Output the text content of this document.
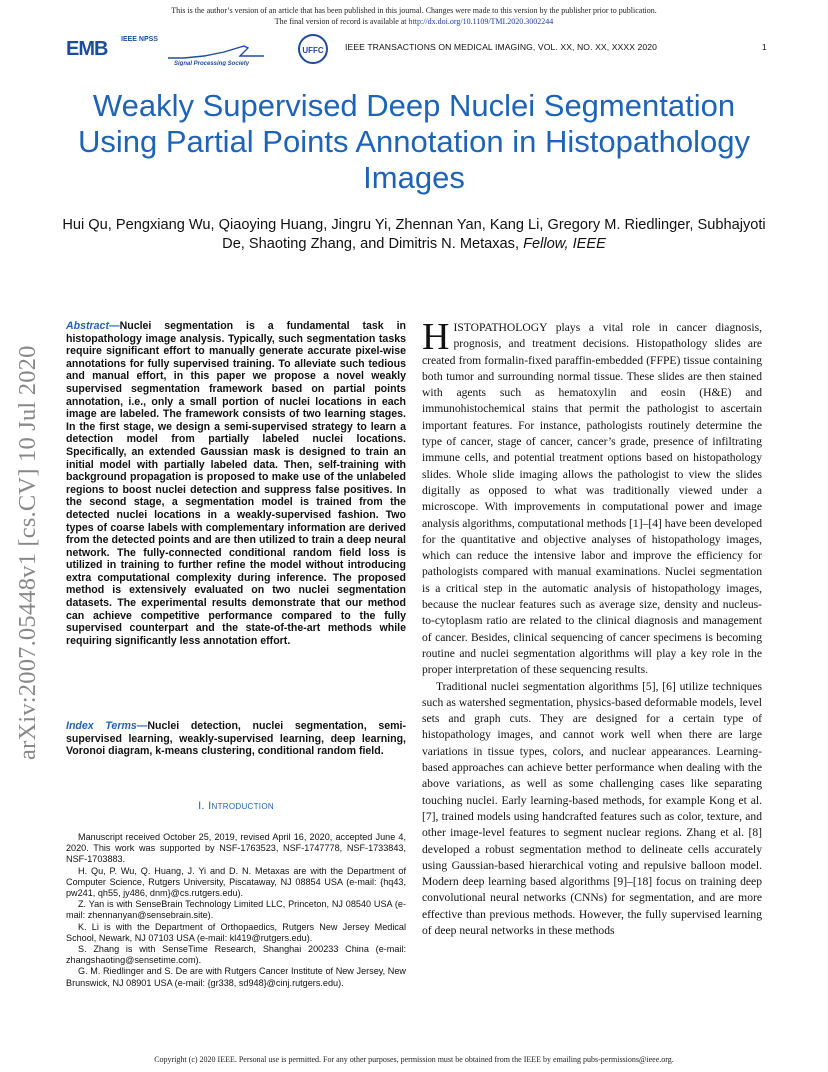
This is the author’s version of an article that has been published in this journal. Changes were made to this version by the publisher prior to publication.
The final version of record is available at http://dx.doi.org/10.1109/TMI.2020.3002244
EMB IEEE NPSS
Signal Processing Society
UFFC	IEEE TRANSACTIONS ON MEDICAL IMAGING, VOL. XX, NO. XX, XXXX 2020	1
Weakly Supervised Deep Nuclei Segmentation Using Partial Points Annotation in Histopathology Images
Hui Qu, Pengxiang Wu, Qiaoying Huang, Jingru Yi, Zhennan Yan, Kang Li, Gregory M. Riedlinger, Subhajyoti De, Shaoting Zhang, and Dimitris N. Metaxas, Fellow, IEEE
arXiv:2007.05448v1 [cs.CV] 10 Jul 2020
Abstract—Nuclei segmentation is a fundamental task in histopathology image analysis. Typically, such segmentation tasks require significant effort to manually generate accurate pixel-wise annotations for fully supervised training. To alleviate such tedious and manual effort, in this paper we propose a novel weakly supervised segmentation framework based on partial points annotation, i.e., only a small portion of nuclei locations in each image are labeled. The framework consists of two learning stages. In the first stage, we design a semi-supervised strategy to learn a detection model from partially labeled nuclei locations. Specifically, an extended Gaussian mask is designed to train an initial model with partially labeled data. Then, self-training with background propagation is proposed to make use of the unlabeled regions to boost nuclei detection and suppress false positives. In the second stage, a segmentation model is trained from the detected nuclei locations in a weakly-supervised fashion. Two types of coarse labels with complementary information are derived from the detected points and are then utilized to train a deep neural network. The fully-connected conditional random field loss is utilized in training to further refine the model without introducing extra computational complexity during inference. The proposed method is extensively evaluated on two nuclei segmentation datasets. The experimental results demonstrate that our method can achieve competitive performance compared to the fully supervised counterpart and the state-of-the-art methods while requiring significantly less annotation effort.
Index Terms—Nuclei detection, nuclei segmentation, semi-supervised learning, weakly-supervised learning, deep learning, Voronoi diagram, k-means clustering, conditional random field.
I. Introduction

Manuscript received October 25, 2019, revised April 16, 2020, accepted June 4, 2020. This work was supported by NSF-1763523, NSF-1747778, NSF-1733843, NSF-1703883.

H. Qu, P. Wu, Q. Huang, J. Yi and D. N. Metaxas are with the Department of Computer Science, Rutgers University, Piscataway, NJ 08854 USA (e-mail: {hq43, pw241, qh55, jy486, dnm}@cs.rutgers.edu).

Z. Yan is with SenseBrain Technology Limited LLC, Princeton, NJ 08540 USA (e-mail: zhennanyan@sensebrain.site).

K. Li is with the Department of Orthopaedics, Rutgers New Jersey Medical School, Newark, NJ 07103 USA (e-mail: kl419@rutgers.edu).

S. Zhang is with SenseTime Research, Shanghai 200233 China (e-mail: zhangshaoting@sensetime.com).

G. M. Riedlinger and S. De are with Rutgers Cancer Institute of New Jersey, New Brunswick, NJ 08901 USA (e-mail: {gr338, sd948}@cinj.rutgers.edu).

HISTOPATHOLOGY plays a vital role in cancer diagnosis, prognosis, and treatment decisions. Histopathology slides are created from formalin-fixed paraffin-embedded (FFPE) tissue containing both tumor and surrounding normal tissue. These slides are then stained with agents such as hematoxylin and eosin (H&E) and immunohistochemical stains that permit the pathologist to ascertain important features. For instance, pathologists routinely determine the type of cancer, stage of cancer, cancer’s grade, presence of infiltrating immune cells, and potential treatment options based on histopathology slides. Whole slide imaging allows the pathologist to view the slides digitally as opposed to what was traditionally viewed under a microscope. With improvements in computational power and image analysis algorithms, computational methods [1]–[4] have been developed for the quantitative and objective analyses of histopathology images, which can reduce the intensive labor and improve the efficiency for pathologists compared with manual examinations. Nuclei segmentation is a critical step in the automatic analysis of histopathology images, because the nuclear features such as average size, density and nucleus-to-cytoplasm ratio are related to the clinical diagnosis and management of cancer. Besides, clinical sequencing of cancer specimens is becoming routine and nuclei segmentation algorithms will play a key role in the proper interpretation of these sequencing results.

Traditional nuclei segmentation algorithms [5], [6] utilize techniques such as watershed segmentation, physics-based deformable models, level sets and graph cuts. They are designed for a certain type of histopathology images, and cannot work well when there are large variations in tissue types, colors, and nuclear appearances. Learning-based approaches can achieve better performance when dealing with the above variations, as well as some challenging cases like separating touching nuclei. Early learning-based methods, for example Kong et al. [7], trained models using handcrafted features such as color, texture, and other image-level features to segment nuclear regions. Zhang et al. [8] developed a robust segmentation method to delineate cells accurately using Gaussian-based hierarchical voting and repulsive balloon model. Modern deep learning based algorithms [9]–[18] focus on training deep convolutional neural networks (CNNs) for segmentation, and are more effective than previous methods. However, the fully supervised learning of deep neural networks in these methods

Copyright (c) 2020 IEEE. Personal use is permitted. For any other purposes, permission must be obtained from the IEEE by emailing pubs-permissions@ieee.org.
